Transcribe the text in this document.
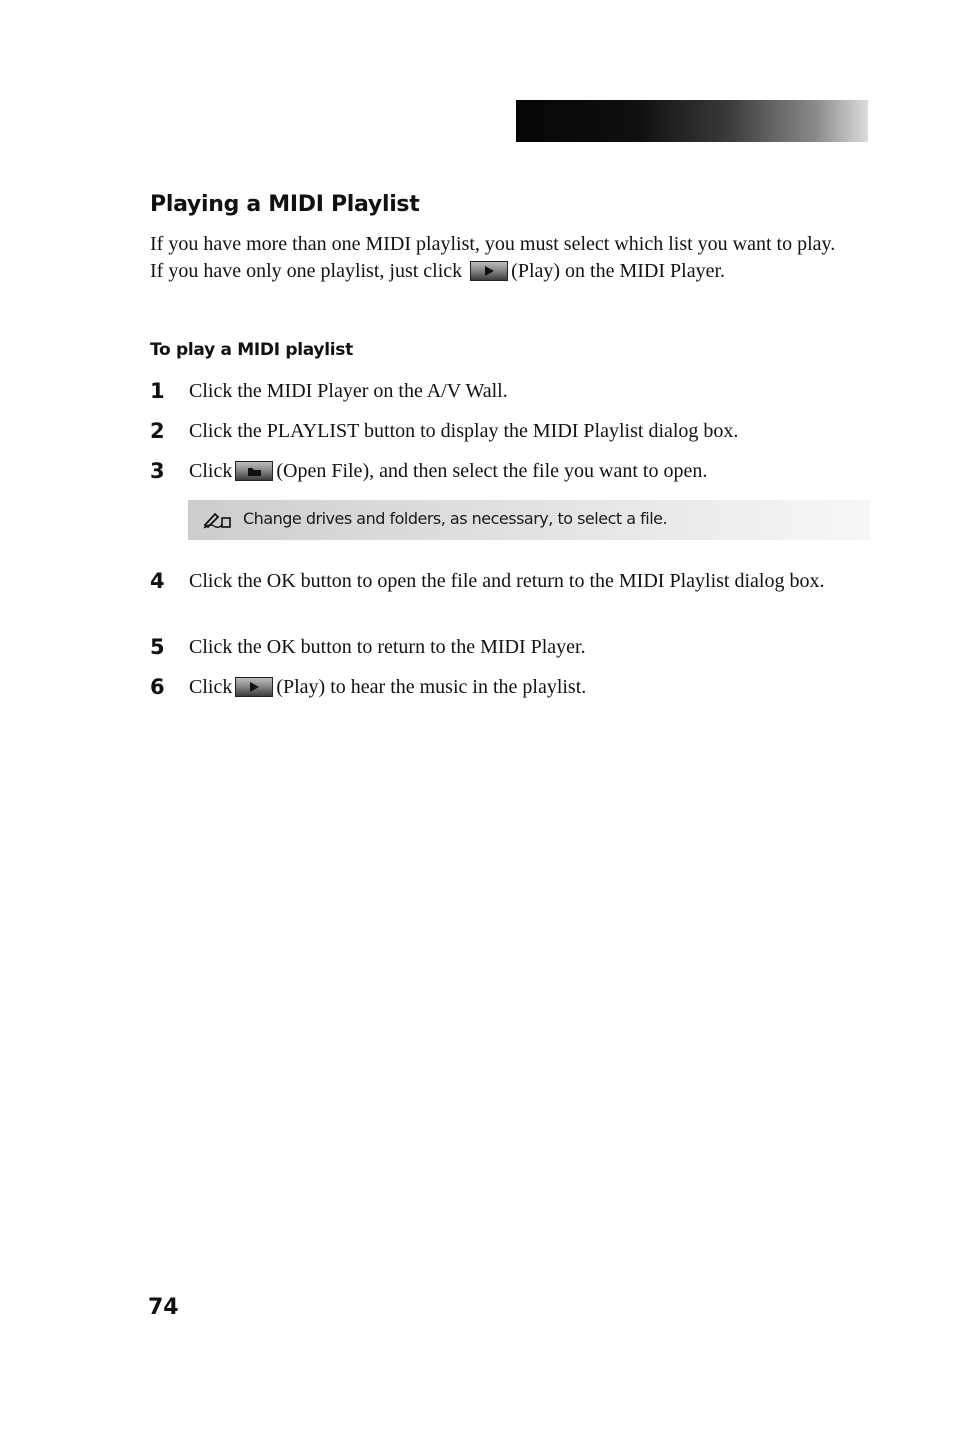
Playing a MIDI Playlist

If you have more than one MIDI playlist, you must select which list you want to play. If you have only one playlist, just click (Play) on the MIDI Player.

To play a MIDI playlist
1	Click the MIDI Player on the A/V Wall.
2	Click the PLAYLIST button to display the MIDI Playlist dialog box.
3	Click (Open File), and then select the file you want to open.
Change drives and folders, as necessary, to select a file.
4	Click the OK button to open the file and return to the MIDI Playlist dialog box.
5	Click the OK button to return to the MIDI Player.
6	Click (Play) to hear the music in the playlist.

74
